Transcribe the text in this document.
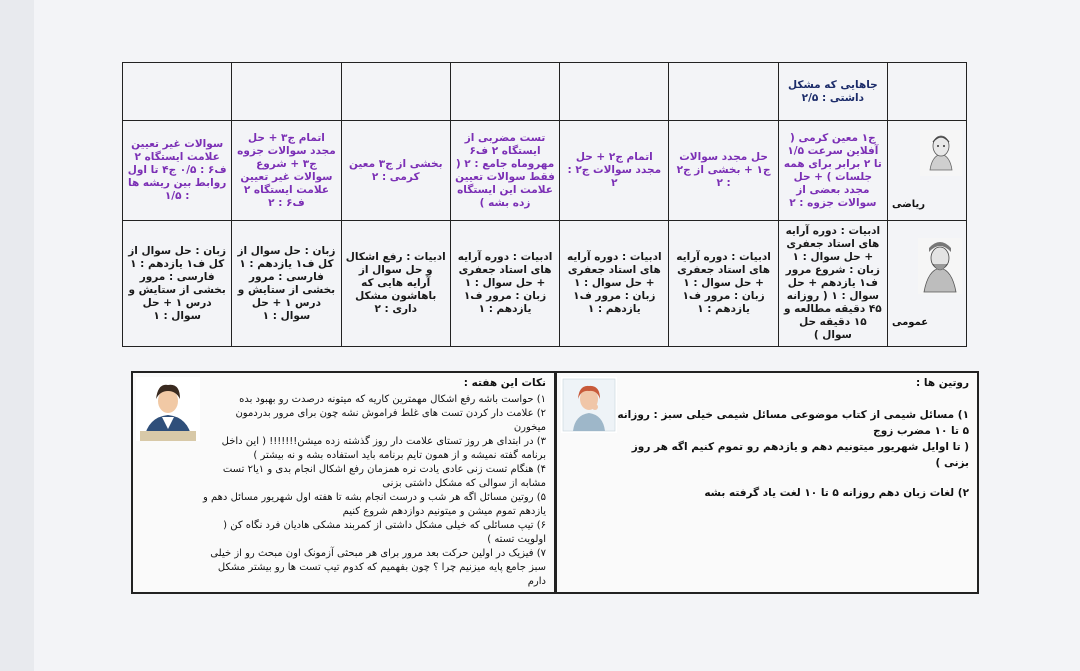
	جاهایی که مشکل داشتی : ۲/۵						

ریاضی	ج۱ معین کرمی ( آفلاین سرعت ۱/۵ تا ۲ برابر برای همه جلسات ) + حل مجدد بعضی از سوالات جزوه : ۲	حل مجدد سوالات ج۱ + بخشی از ج۲ : ۲	اتمام ج۲ + حل مجدد سوالات ج۲ : ۲	تست مضربی از ایستگاه ۲ ف۶ مهروماه جامع : ۲ ( فقط سوالات تعیین علامت این ایستگاه زده بشه )	بخشی از ج۳ معین کرمی : ۲	اتمام ج۳ + حل مجدد سوالات جزوه ج۳ + شروع سوالات غیر تعیین علامت ایستگاه ۲ ف۶ : ۲	سوالات غیر تعیین علامت ایستگاه ۲ ف۶ : ۰/۵ ج۴ تا اول روابط بین ریشه ها : ۱/۵

عمومی	ادبیات : دوره آرایه های استاد جعفری + حل سوال : ۱ زبان : شروع مرور ف۱ یازدهم + حل سوال : ۱ ( روزانه ۴۵ دقیقه مطالعه و ۱۵ دقیقه حل سوال )	ادبیات : دوره آرایه های استاد جعفری + حل سوال : ۱ زبان : مرور ف۱ یازدهم : ۱	ادبیات : دوره آرایه های استاد جعفری + حل سوال : ۱ زبان : مرور ف۱ یازدهم : ۱	ادبیات : دوره آرایه های استاد جعفری + حل سوال : ۱ زبان : مرور ف۱ یازدهم : ۱	ادبیات : رفع اشکال و حل سوال از آرایه هایی که باهاشون مشکل داری : ۲	زبان : حل سوال از کل ف۱ یازدهم : ۱ فارسی : مرور بخشی از ستایش و درس ۱ + حل سوال : ۱	زبان : حل سوال از کل ف۱ یازدهم : ۱ فارسی : مرور بخشی از ستایش و درس ۱ + حل سوال : ۱
نکات این هفته :
۱) حواست باشه رفع اشکال مهمترین کاریه که میتونه درصدت رو بهبود بده
۲) علامت دار کردن تست های غلط فراموش نشه چون برای مرور بدردمون میخورن
۳) در ابتدای هر روز تستای علامت دار روز گذشته زده میشن!!!!!!! ( این داخل برنامه گفته نمیشه و از همون تایم برنامه باید استفاده بشه و نه بیشتر )
۴) هنگام تست زنی عادی یادت نره همزمان رفع اشکال انجام بدی و ۱یا۲ تست مشابه از سوالی که مشکل داشتی بزنی
۵) روتین مسائل اگه هر شب و درست انجام بشه تا هفته اول شهریور مسائل دهم و یازدهم تموم میشن و میتونیم دوازدهم شروع کنیم
۶) تیپ مسائلی که خیلی مشکل داشتی از کمربند مشکی هادیان فرد نگاه کن ( اولویت تسته )
۷) فیزیک در اولین حرکت بعد مرور برای هر مبحثی آزمونک اون مبحث رو از خیلی سبز جامع پایه میزنیم چرا ؟ چون بفهمیم که کدوم تیپ تست ها رو بیشتر مشکل دارم
روتین ها :
۱) مسائل شیمی از کتاب موضوعی مسائل شیمی خیلی سبز : روزانه ۵ تا ۱۰ مضرب زوج
( تا اوایل شهریور میتونیم دهم و یازدهم رو تموم کنیم اگه هر روز بزنی )
۲) لغات زبان دهم روزانه ۵ تا ۱۰ لغت یاد گرفته بشه
